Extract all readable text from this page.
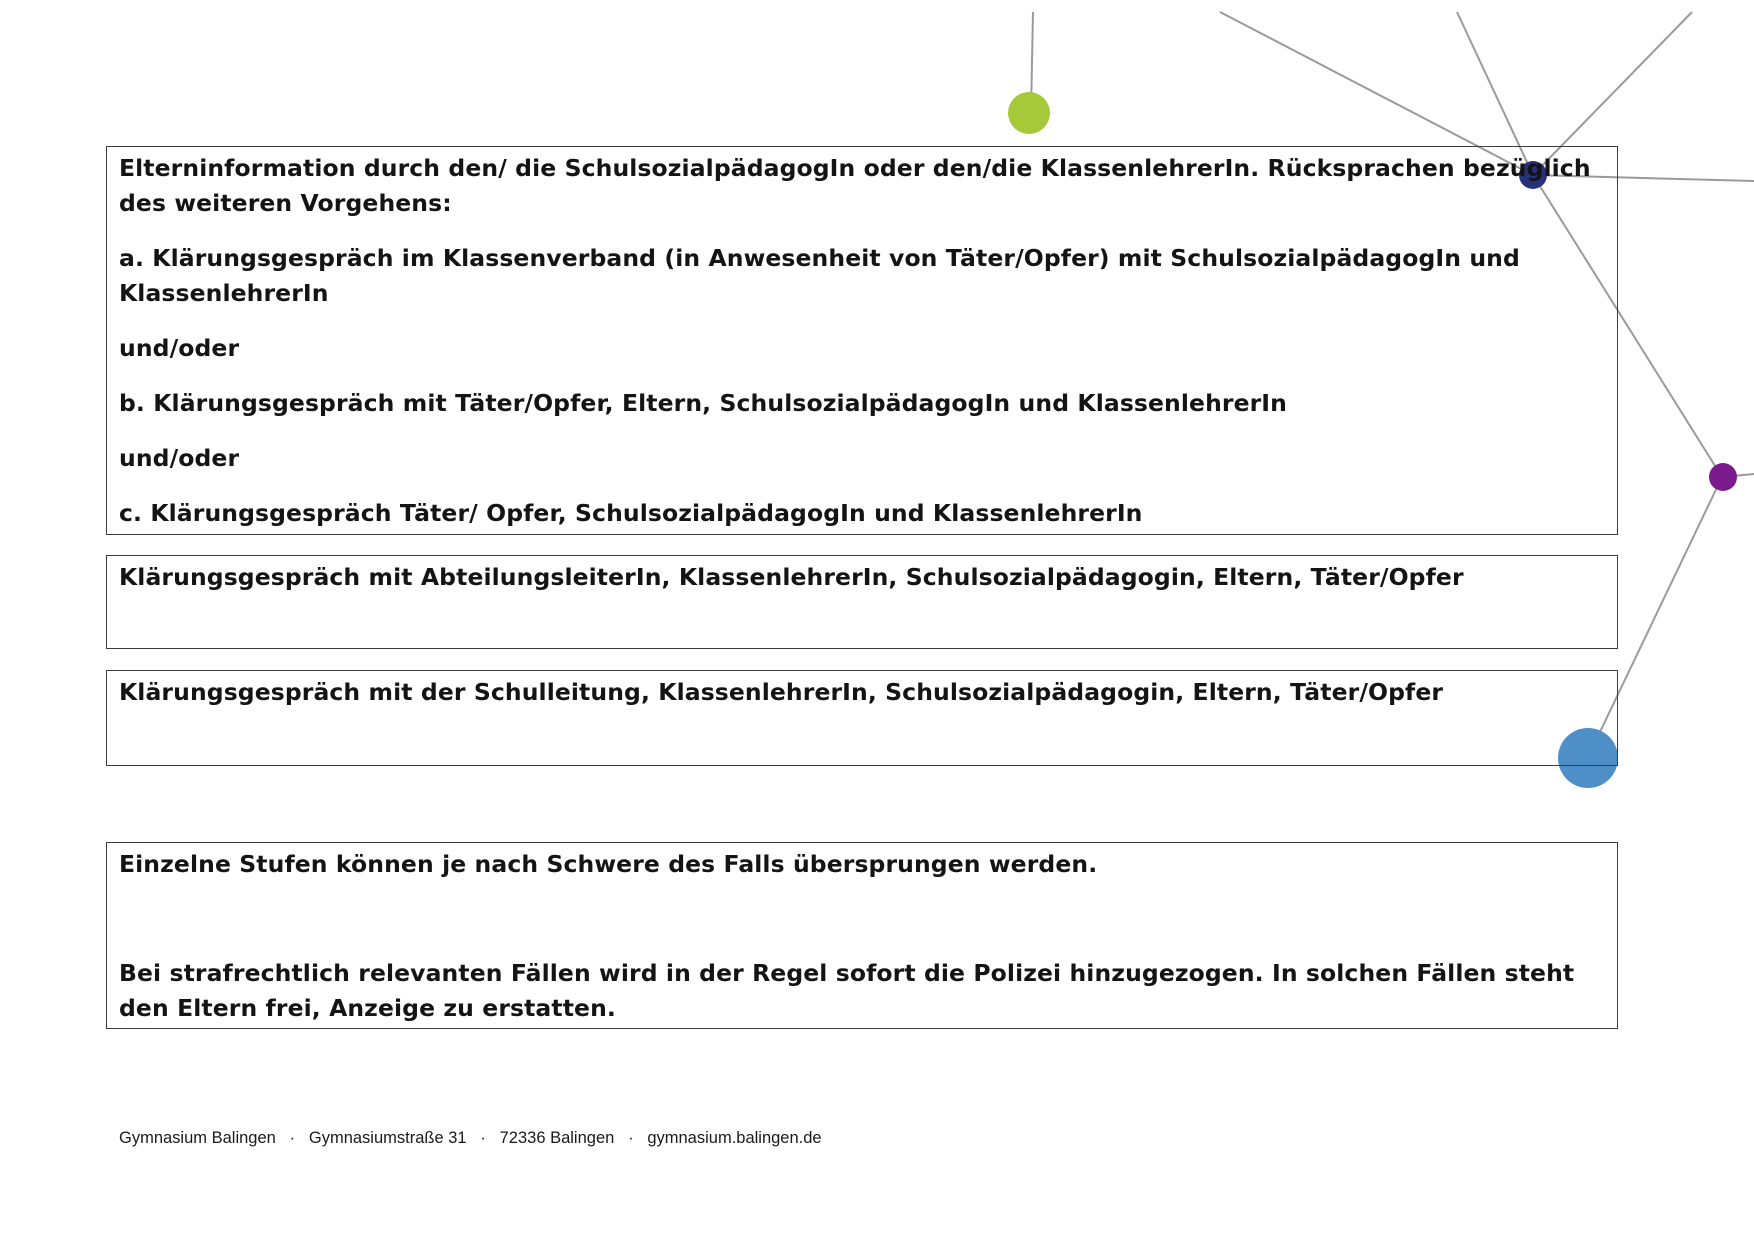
Elterninformation durch den/ die SchulsozialpädagogIn oder den/die KlassenlehrerIn. Rücksprachen bezüglich des weiteren Vorgehens:

a. Klärungsgespräch im Klassenverband (in Anwesenheit von Täter/Opfer) mit SchulsozialpädagogIn und KlassenlehrerIn

und/oder

b. Klärungsgespräch mit Täter/Opfer, Eltern, SchulsozialpädagogIn und KlassenlehrerIn

und/oder

c. Klärungsgespräch Täter/ Opfer, SchulsozialpädagogIn und KlassenlehrerIn

Klärungsgespräch mit AbteilungsleiterIn, KlassenlehrerIn, Schulsozialpädagogin, Eltern, Täter/Opfer

Klärungsgespräch mit der Schulleitung, KlassenlehrerIn, Schulsozialpädagogin, Eltern, Täter/Opfer

Einzelne Stufen können je nach Schwere des Falls übersprungen werden.

Bei strafrechtlich relevanten Fällen wird in der Regel sofort die Polizei hinzugezogen. In solchen Fällen steht den Eltern frei, Anzeige zu erstatten.

Gymnasium Balingen · Gymnasiumstraße 31 · 72336 Balingen · gymnasium.balingen.de
